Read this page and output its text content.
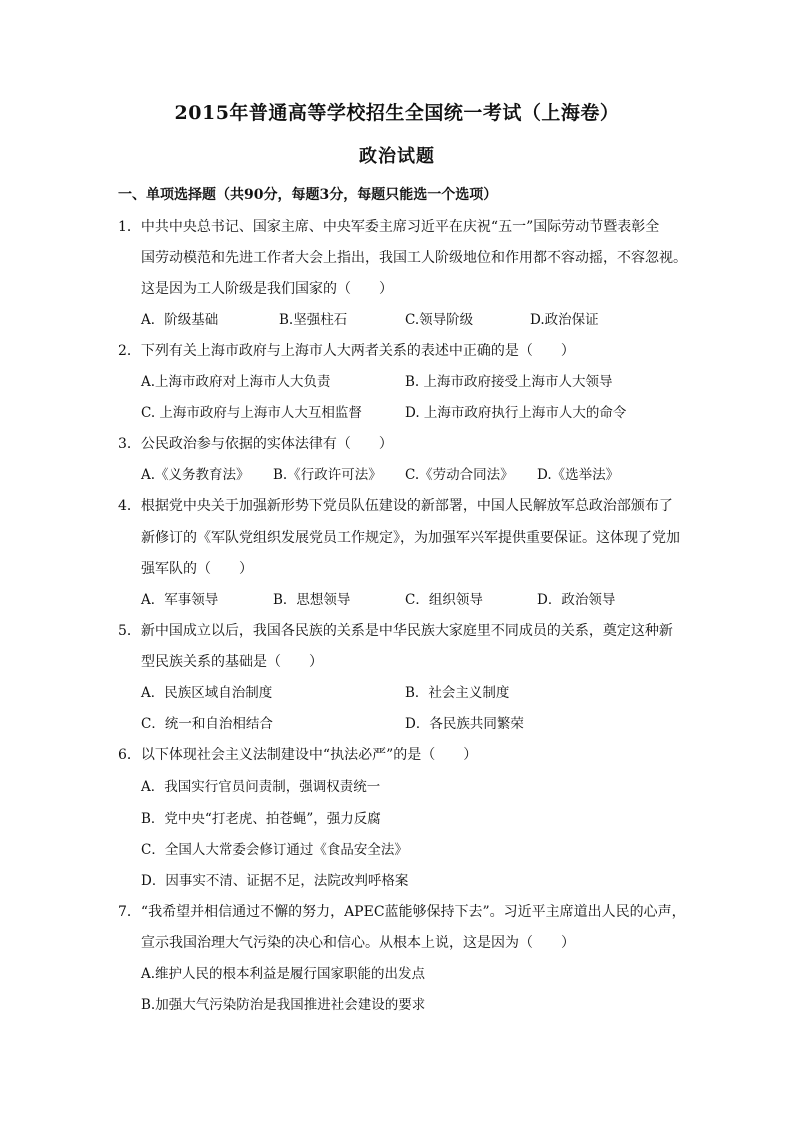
2015年普通高等学校招生全国统一考试（上海卷）
政治试题
一、单项选择题（共90分，每题3分，每题只能选一个选项）
1．中共中央总书记、国家主席、中央军委主席习近平在庆祝“五一”国际劳动节暨表彰全
国劳动模范和先进工作者大会上指出，我国工人阶级地位和作用都不容动摇，不容忽视。
这是因为工人阶级是我们国家的（　　）
A．阶级基础	B.坚强柱石	C.领导阶级	D.政治保证
2．下列有关上海市政府与上海市人大两者关系的表述中正确的是（　　）
A.上海市政府对上海市人大负责	B. 上海市政府接受上海市人大领导
C. 上海市政府与上海市人大互相监督	D. 上海市政府执行上海市人大的命令
3．公民政治参与依据的实体法律有（　　）
A.《义务教育法》 B.《行政许可法》 C.《劳动合同法》 D.《选举法》
4．根据党中央关于加强新形势下党员队伍建设的新部署，中国人民解放军总政治部颁布了
新修订的《军队党组织发展党员工作规定》，为加强军兴军提供重要保证。这体现了党加
强军队的（　　）
A．军事领导	B．思想领导	C．组织领导	D．政治领导
5．新中国成立以后，我国各民族的关系是中华民族大家庭里不同成员的关系，奠定这种新
型民族关系的基础是（　　）
A．民族区域自治制度	B．社会主义制度
C．统一和自治相结合	D．各民族共同繁荣
6．以下体现社会主义法制建设中“执法必严”的是（　　）
A．我国实行官员问责制，强调权责统一
B．党中央“打老虎、拍苍蝇”，强力反腐
C．全国人大常委会修订通过《食品安全法》
D．因事实不清、证据不足，法院改判呼格案
7．“我希望并相信通过不懈的努力，APEC蓝能够保持下去”。习近平主席道出人民的心声，
宣示我国治理大气污染的决心和信心。从根本上说，这是因为（　　）
A.维护人民的根本利益是履行国家职能的出发点
B.加强大气污染防治是我国推进社会建设的要求
